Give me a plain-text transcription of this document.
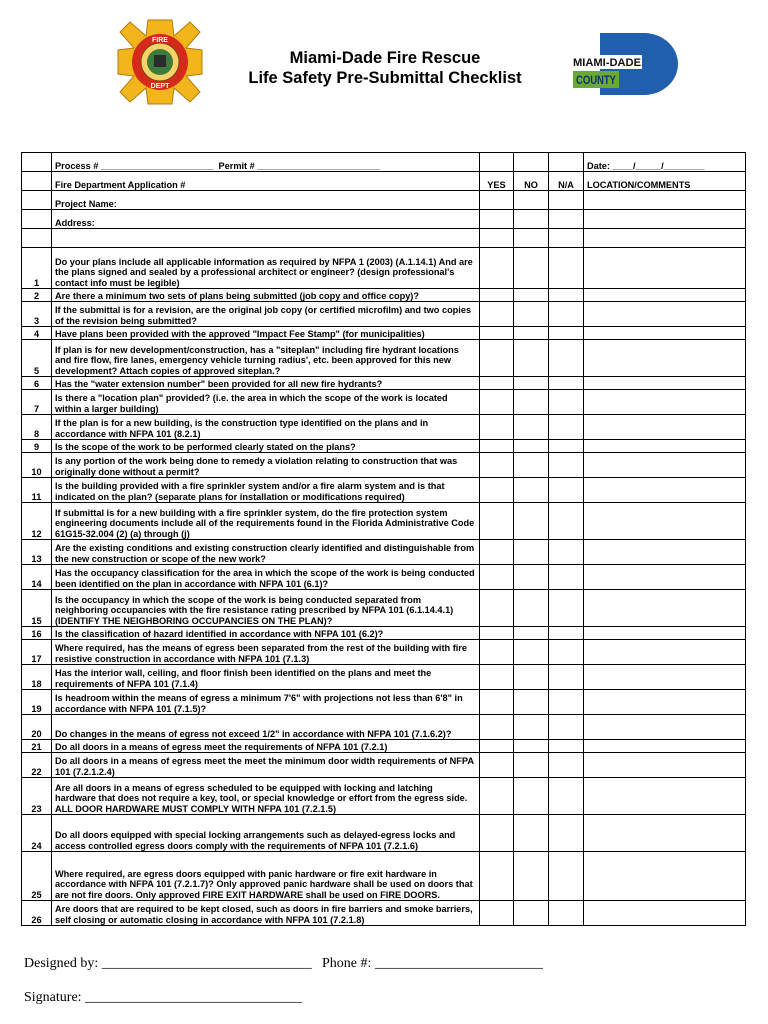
FIRE
DEPT
Miami-Dade Fire Rescue
Life Safety Pre-Submittal Checklist
MIAMI-DADE
COUNTY
	Process # ______________________ Permit # ________________________				Date: ____/_____/________
	Fire Department Application #	YES	NO	N/A	LOCATION/COMMENTS
	Project Name:				
	Address:				

1	Do your plans include all applicable information as required by NFPA 1 (2003) (A.1.14.1) And are the plans signed and sealed by a professional architect or engineer? (design professional's contact info must be legible)				
2	Are there a minimum two sets of plans being submitted (job copy and office copy)?				
3	If the submittal is for a revision, are the original job copy (or certified microfilm) and two copies of the revision being submitted?				
4	Have plans been provided with the approved "Impact Fee Stamp" (for municipalities)				
5	If plan is for new development/construction, has a "siteplan" including fire hydrant locations and fire flow, fire lanes, emergency vehicle turning radius', etc. been approved for this new development? Attach copies of approved siteplan.?				
6	Has the "water extension number" been provided for all new fire hydrants?				
7	Is there a "location plan" provided? (i.e. the area in which the scope of the work is located within a larger building)				
8	If the plan is for a new building, is the construction type identified on the plans and in accordance with NFPA 101 (8.2.1)				
9	Is the scope of the work to be performed clearly stated on the plans?				
10	Is any portion of the work being done to remedy a violation relating to construction that was originally done without a permit?				
11	Is the building provided with a fire sprinkler system and/or a fire alarm system and is that indicated on the plan? (separate plans for installation or modifications required)				
12	If submittal is for a new building with a fire sprinkler system, do the fire protection system engineering documents include all of the requirements found in the Florida Administrative Code 61G15-32.004 (2) (a) through (j)				
13	Are the existing conditions and existing construction clearly identified and distinguishable from the new construction or scope of the new work?				
14	Has the occupancy classification for the area in which the scope of the work is being conducted been identified on the plan in accordance with NFPA 101 (6.1)?				
15	Is the occupancy in which the scope of the work is being conducted separated from neighboring occupancies with the fire resistance rating prescribed by NFPA 101 (6.1.14.4.1) (IDENTIFY THE NEIGHBORING OCCUPANCIES ON THE PLAN)?				
16	Is the classification of hazard identified in accordance with NFPA 101 (6.2)?				
17	Where required, has the means of egress been separated from the rest of the building with fire resistive construction in accordance with NFPA 101 (7.1.3)				
18	Has the interior wall, ceiling, and floor finish been identified on the plans and meet the requirements of NFPA 101 (7.1.4)				
19	Is headroom within the means of egress a minimum 7'6" with projections not less than 6'8" in accordance with NFPA 101 (7.1.5)?				
20	Do changes in the means of egress not exceed 1/2" in accordance with NFPA 101 (7.1.6.2)?				
21	Do all doors in a means of egress meet the requirements of NFPA 101 (7.2.1)				
22	Do all doors in a means of egress meet the meet the minimum door width requirements of NFPA 101 (7.2.1.2.4)				
23	Are all doors in a means of egress scheduled to be equipped with locking and latching hardware that does not require a key, tool, or special knowledge or effort from the egress side. ALL DOOR HARDWARE MUST COMPLY WITH NFPA 101 (7.2.1.5)				
24	Do all doors equipped with special locking arrangements such as delayed-egress locks and access controlled egress doors comply with the requirements of NFPA 101 (7.2.1.6)				
25	Where required, are egress doors equipped with panic hardware or fire exit hardware in accordance with NFPA 101 (7.2.1.7)? Only approved panic hardware shall be used on doors that are not fire doors. Only approved FIRE EXIT HARDWARE shall be used on FIRE DOORS.				
26	Are doors that are required to be kept closed, such as doors in fire barriers and smoke barriers, self closing or automatic closing in accordance with NFPA 101 (7.2.1.8)				
Designed by: ______________________________ Phone #: ________________________
Signature: _______________________________
